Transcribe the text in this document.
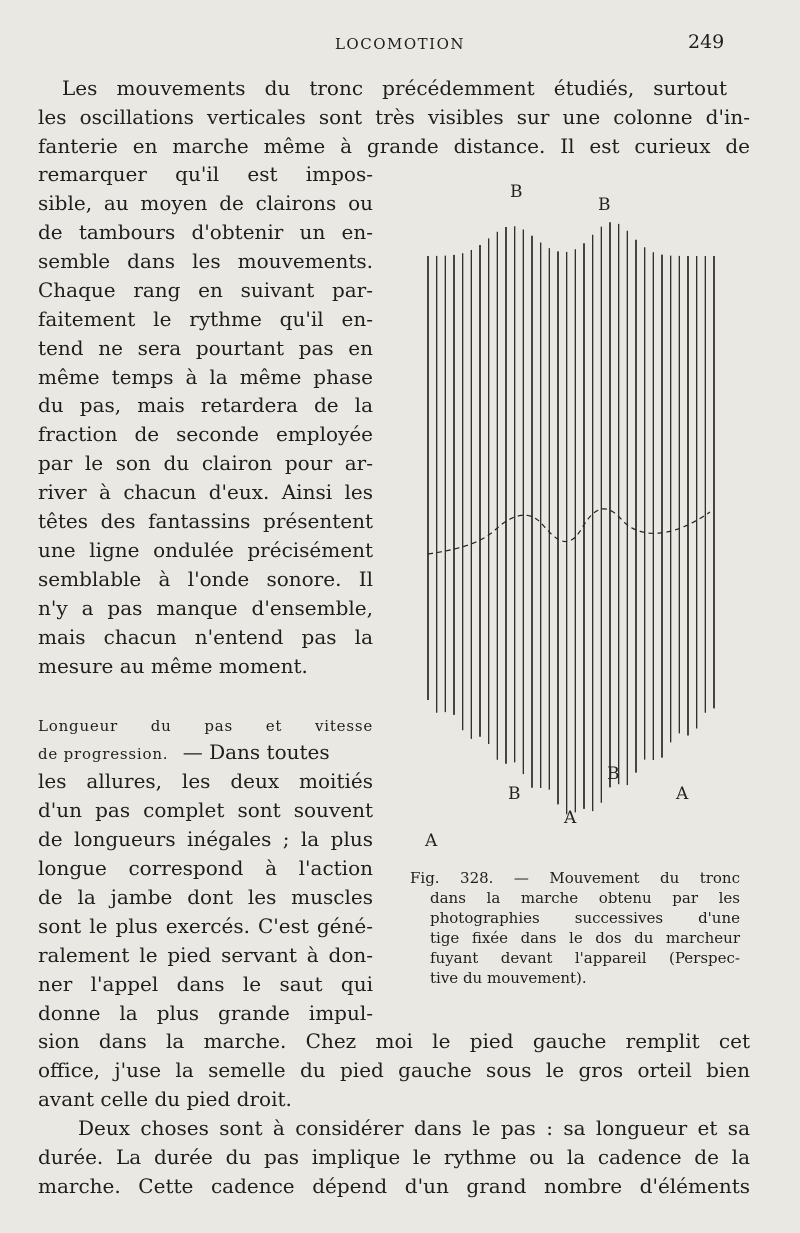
LOCOMOTION	249
Les mouvements du tronc précédemment étudiés, surtout
les oscillations verticales sont très visibles sur une colonne d'in-
fanterie en marche même à grande distance. Il est curieux de
remarquer qu'il est impos-
sible, au moyen de clairons ou
de tambours d'obtenir un en-
semble dans les mouvements.
Chaque rang en suivant par-
faitement le rythme qu'il en-
tend ne sera pourtant pas en
même temps à la même phase
du pas, mais retardera de la
fraction de seconde employée
par le son du clairon pour ar-
river à chacun d'eux. Ainsi les
têtes des fantassins présentent
une ligne ondulée précisément
semblable à l'onde sonore. Il
n'y a pas manque d'ensemble,
mais chacun n'entend pas la
mesure au même moment.
Longueur du pas et vitesse
de progression. — Dans toutes
les allures, les deux moitiés
d'un pas complet sont souvent
de longueurs inégales ; la plus
longue correspond à l'action
de la jambe dont les muscles
sont le plus exercés. C'est géné-
ralement le pied servant à don-
ner l'appel dans le saut qui
donne la plus grande impul-
sion dans la marche. Chez moi le pied gauche remplit cet
office, j'use la semelle du pied gauche sous le gros orteil bien
avant celle du pied droit.
Deux choses sont à considérer dans le pas : sa longueur et sa
durée. La durée du pas implique le rythme ou la cadence de la
marche. Cette cadence dépend d'un grand nombre d'éléments
B
B
B
B
A
A
A
Fig. 328. — Mouvement du tronc
dans la marche obtenu par les
photographies successives d'une
tige fixée dans le dos du marcheur
fuyant devant l'appareil (Perspec-
tive du mouvement).
